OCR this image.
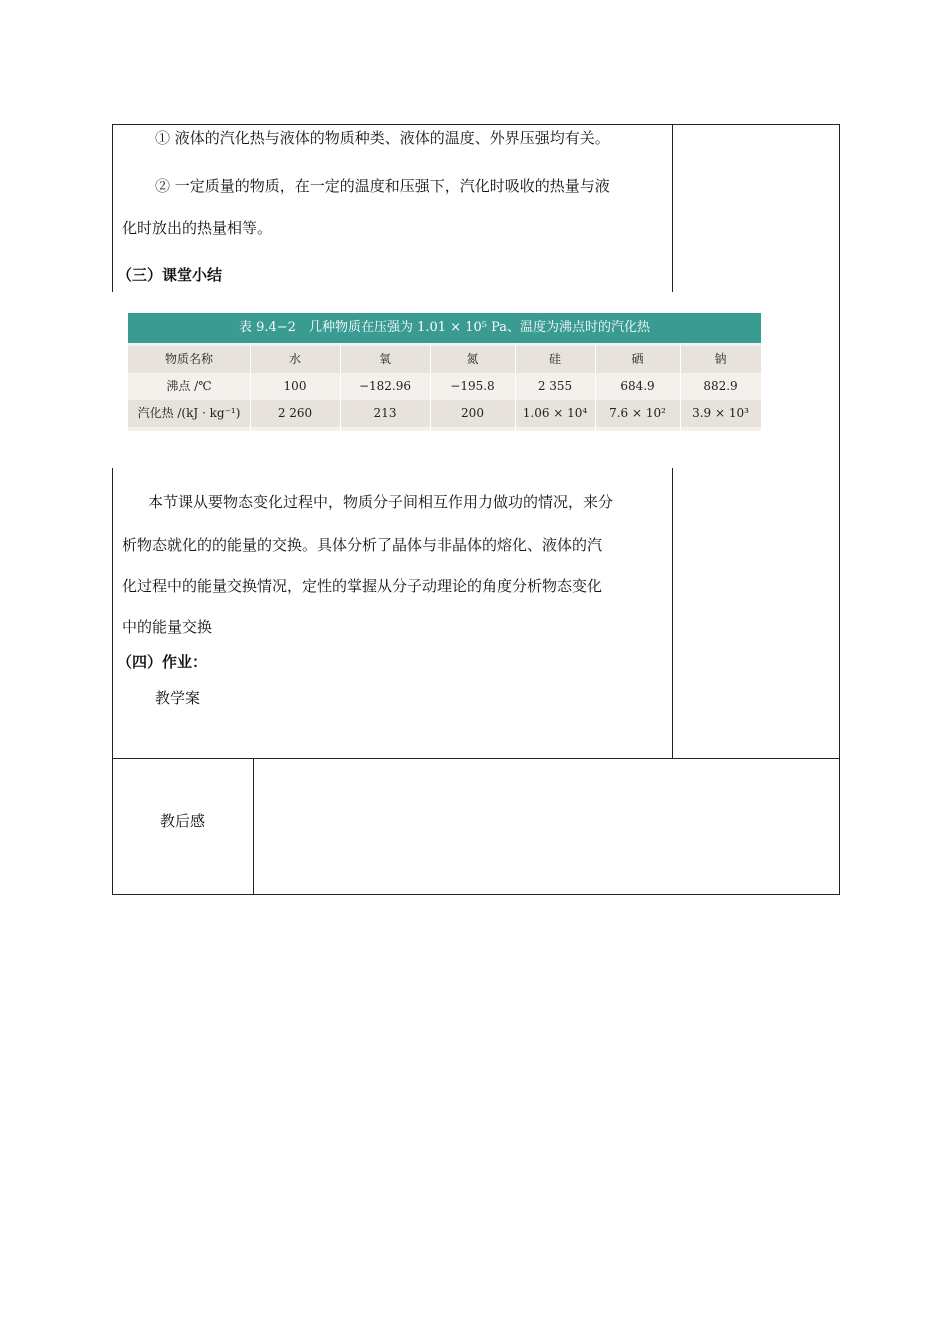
① 液体的汽化热与液体的物质种类、液体的温度、外界压强均有关。
② 一定质量的物质，在一定的温度和压强下，汽化时吸收的热量与液
化时放出的热量相等。
（三）课堂小结
表 9.4−2　几种物质在压强为 1.01 × 10⁵ Pa、温度为沸点时的汽化热
物质名称	水	氧	氮	硅	硒	钠
沸点 /℃	100	−182.96	−195.8	2 355	684.9	882.9
汽化热 /(kJ · kg⁻¹)	2 260	213	200	1.06 × 10⁴	7.6 × 10²	3.9 × 10³
本节课从要物态变化过程中，物质分子间相互作用力做功的情况，来分
析物态就化的的能量的交换。具体分析了晶体与非晶体的熔化、液体的汽
化过程中的能量交换情况，定性的掌握从分子动理论的角度分析物态变化
中的能量交换
（四）作业：
教学案
教后感
